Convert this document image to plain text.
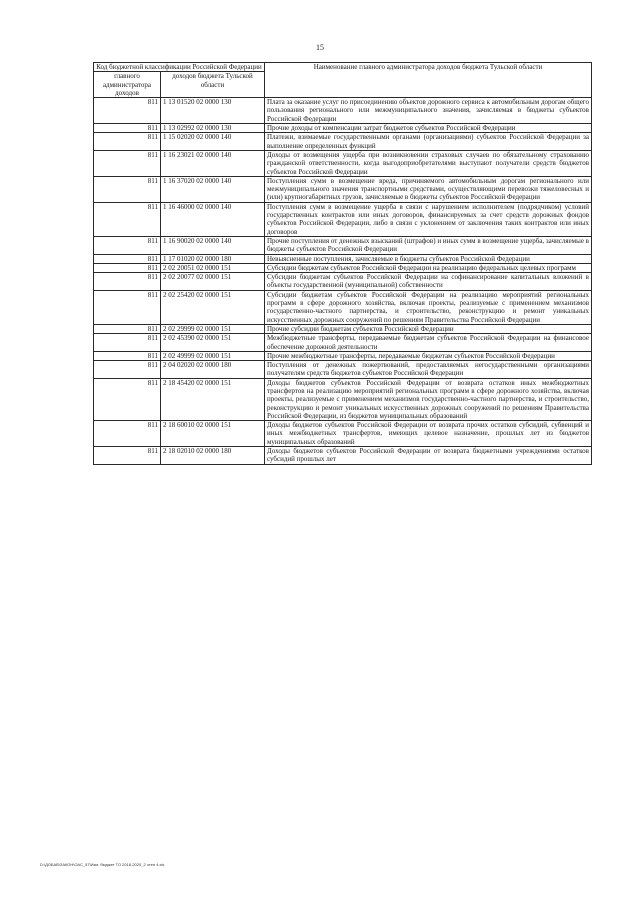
15
Код бюджетной классификации Российской Федерации		Наименование главного администратора доходов бюджета Тульской области
главного администратора доходов	доходов бюджета Тульской области	
811	1 13 01520 02 0000 130	Плата за оказание услуг по присоединению объектов дорожного сервиса к автомобильным дорогам общего пользования регионального или межмуниципального значения, зачисляемая в бюджеты субъектов Российской Федерации
811	1 13 02992 02 0000 130	Прочие доходы от компенсации затрат бюджетов субъектов Российской Федерации
811	1 15 02020 02 0000 140	Платежи, взимаемые государственными органами (организациями) субъектов Российской Федерации за выполнение определенных функций
811	1 16 23021 02 0000 140	Доходы от возмещения ущерба при возникновении страховых случаев по обязательному страхованию гражданской ответственности, когда выгодоприобретателями выступают получатели средств бюджетов субъектов Российской Федерации
811	1 16 37020 02 0000 140	Поступления сумм в возмещение вреда, причиняемого автомобильным дорогам регионального или межмуниципального значения транспортными средствами, осуществляющими перевозки тяжеловесных и (или) крупногабаритных грузов, зачисляемые в бюджеты субъектов Российской Федерации
811	1 16 46000 02 0000 140	Поступления сумм в возмещение ущерба в связи с нарушением исполнителем (подрядчиком) условий государственных контрактов или иных договоров, финансируемых за счет средств дорожных фондов субъектов Российской Федерации, либо в связи с уклонением от заключения таких контрактов или иных договоров
811	1 16 90020 02 0000 140	Прочие поступления от денежных взысканий (штрафов) и иных сумм в возмещение ущерба, зачисляемые в бюджеты субъектов Российской Федерации
811	1 17 01020 02 0000 180	Невыясненные поступления, зачисляемые в бюджеты субъектов Российской Федерации
811	2 02 20051 02 0000 151	Субсидии бюджетам субъектов Российской Федерации на реализацию федеральных целевых программ
811	2 02 20077 02 0000 151	Субсидии бюджетам субъектов Российской Федерации на софинансирование капитальных вложений в объекты государственной (муниципальной) собственности
811	2 02 25420 02 0000 151	Субсидии бюджетам субъектов Российской Федерации на реализацию мероприятий региональных программ в сфере дорожного хозяйства, включая проекты, реализуемые с применением механизмов государственно-частного партнерства, и строительство, реконструкцию и ремонт уникальных искусственных дорожных сооружений по решениям Правительства Российской Федерации
811	2 02 29999 02 0000 151	Прочие субсидии бюджетам субъектов Российской Федерации
811	2 02 45390 02 0000 151	Межбюджетные трансферты, передаваемые бюджетам субъектов Российской Федерации на финансовое обеспечение дорожной деятельности
811	2 02 49999 02 0000 151	Прочие межбюджетные трансферты, передаваемые бюджетам субъектов Российской Федерации
811	2 04 02020 02 0000 180	Поступления от денежных пожертвований, предоставляемых негосударственными организациями получателям средств бюджетов субъектов Российской Федерации
811	2 18 45420 02 0000 151	Доходы бюджетов субъектов Российской Федерации от возврата остатков иных межбюджетных трансфертов на реализацию мероприятий региональных программ в сфере дорожного хозяйства, включая проекты, реализуемые с применением механизмов государственно-частного партнерства, и строительство, реконструкцию и ремонт уникальных искусственных дорожных сооружений по решениям Правительства Российской Федерации, из бюджетов муниципальных образований
811	2 18 60010 02 0000 151	Доходы бюджетов субъектов Российской Федерации от возврата прочих остатков субсидий, субвенций и иных межбюджетных трансфертов, имеющих целевое назначение, прошлых лет из бюджетов муниципальных образований
811	2 18 02010 02 0000 180	Доходы бюджетов субъектов Российской Федерации от возврата бюджетными учреждениями остатков субсидий прошлых лет
D:\ДОБАВ\ЗАКОН\ОАС_57\Изм. бюджет ТО 2018-2020_2 чтен 4.xls
